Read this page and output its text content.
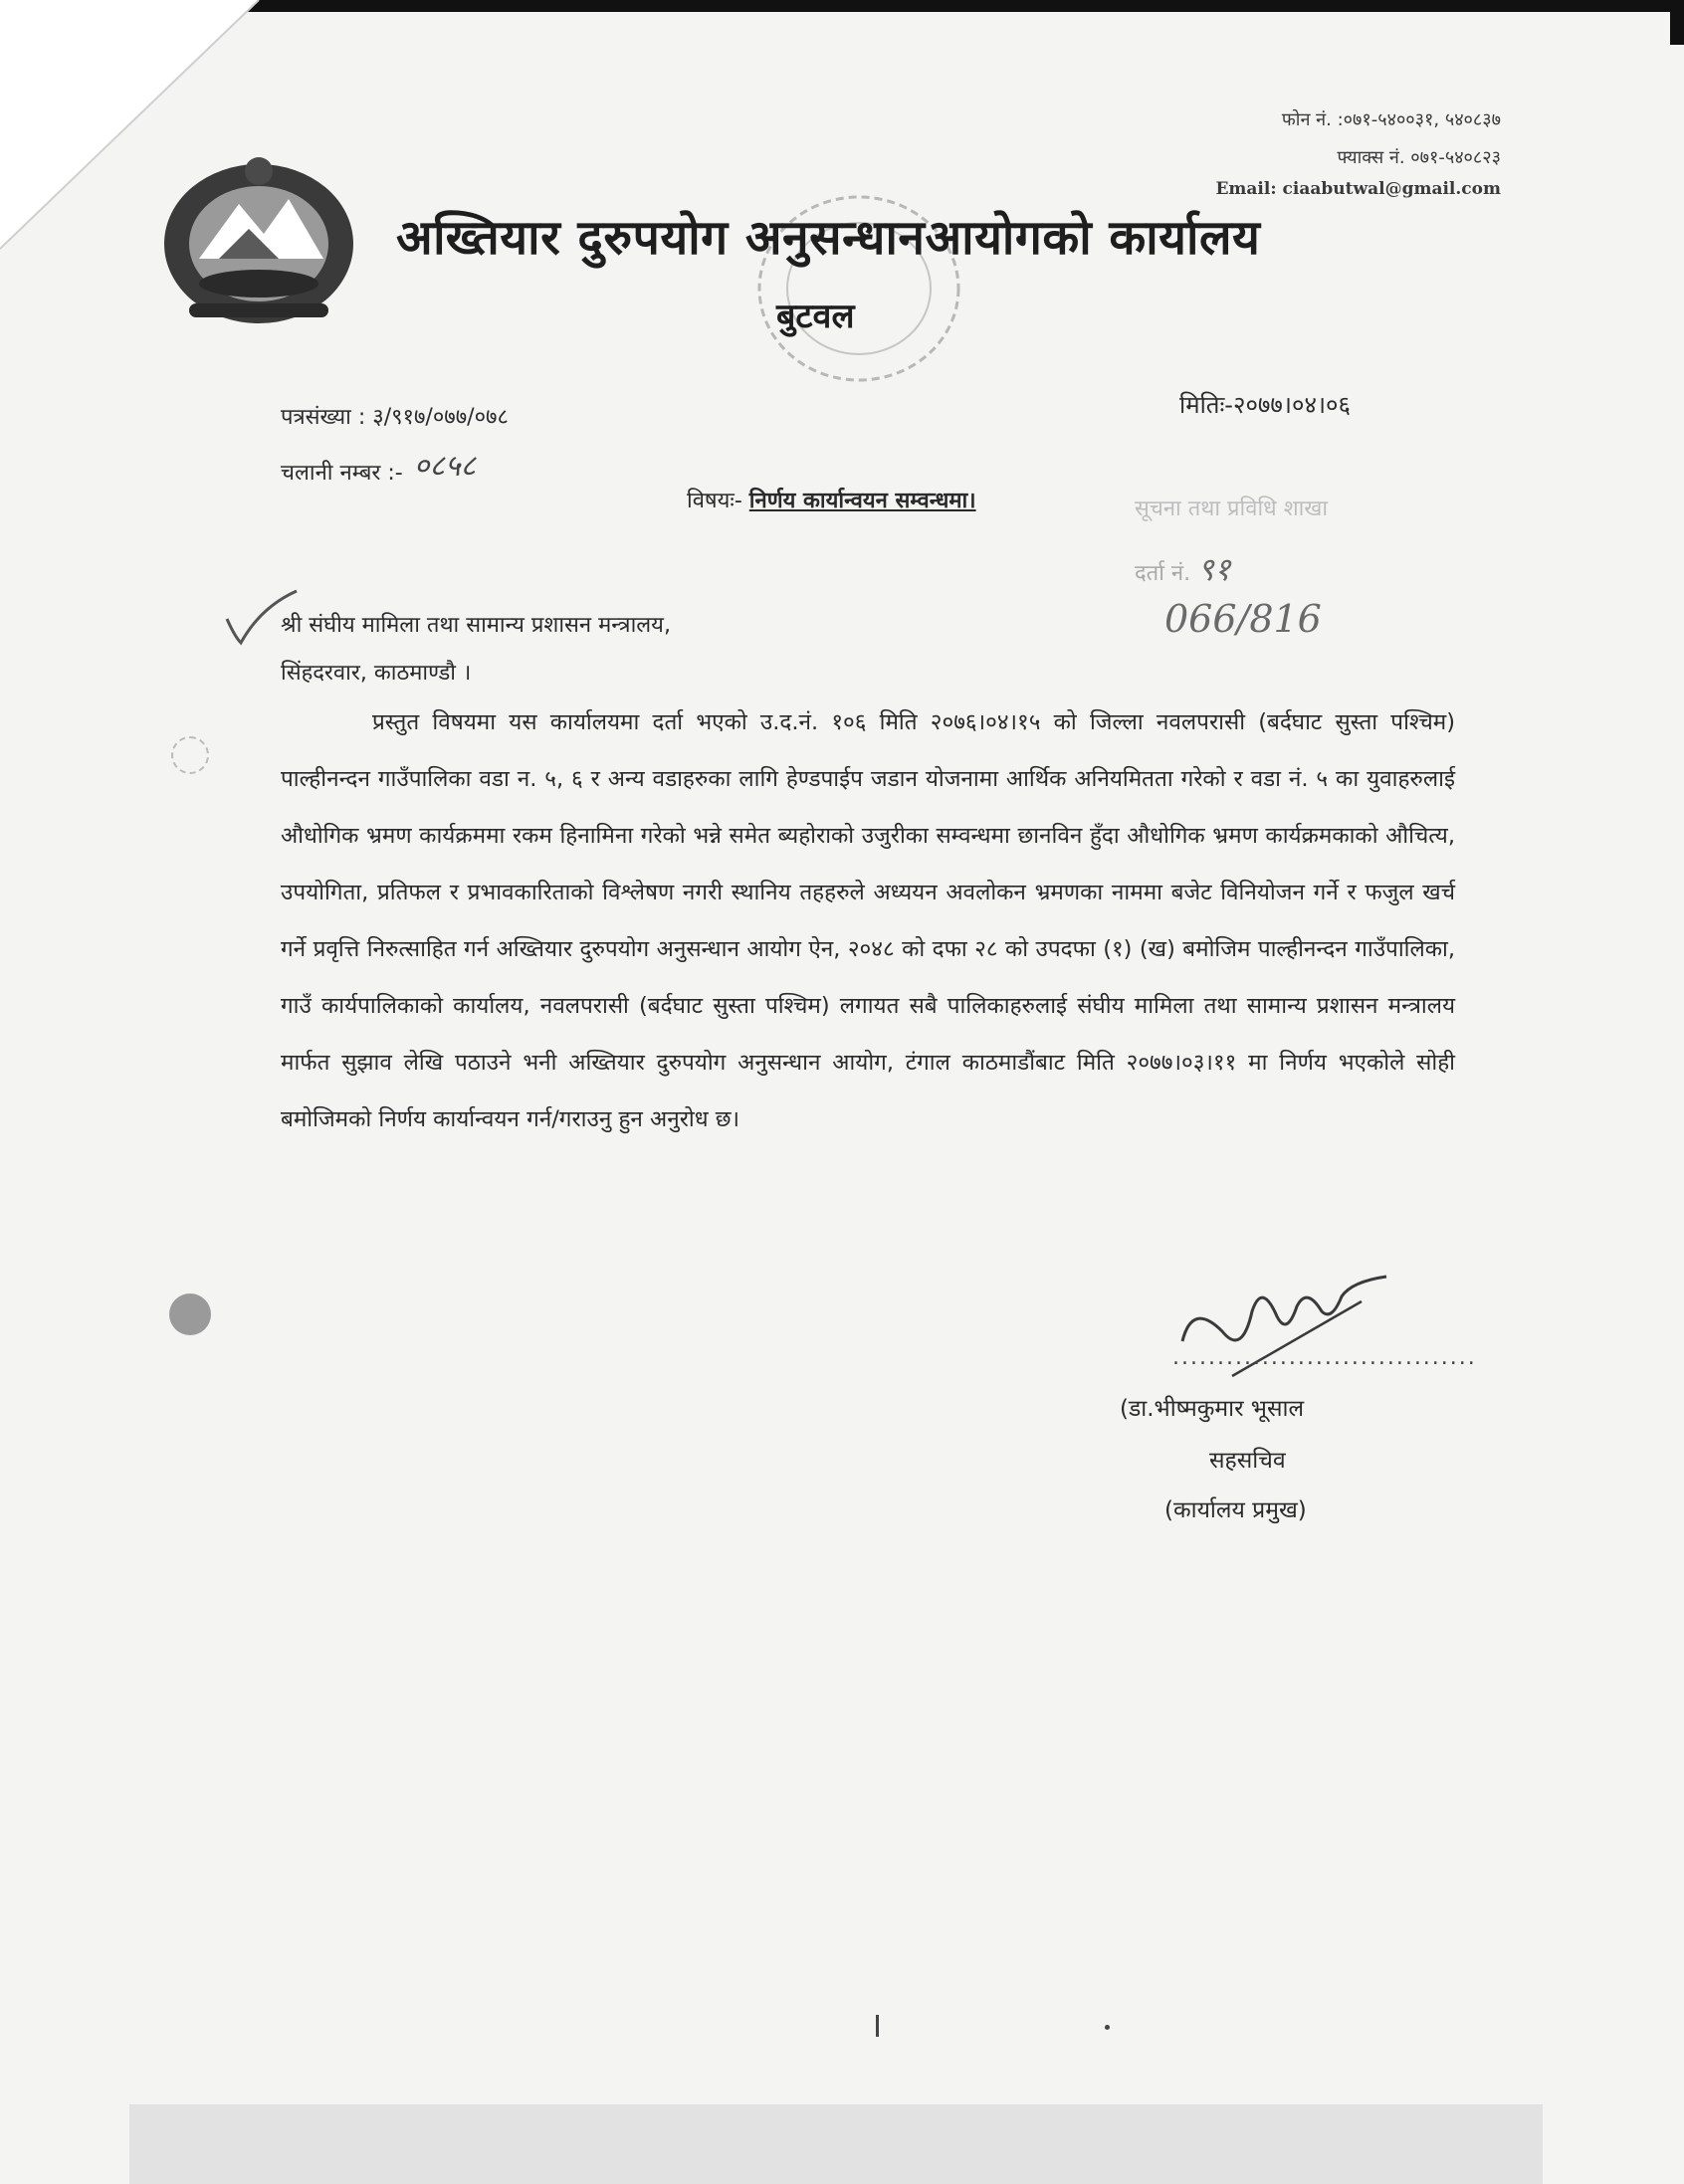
फोन नं. :०७१-५४००३१, ५४०८३७
फ्याक्स नं. ०७१-५४०८२३
Email: ciaabutwal@gmail.com
अख्तियार दुरुपयोग अनुसन्धानआयोगको कार्यालय
बुटवल
पत्रसंख्या : ३/९१७/०७७/०७८
चलानी नम्बर :- ०८५८
मितिः-२०७७।०४।०६
विषयः- निर्णय कार्यान्वयन सम्वन्धमा।	सूचना तथा प्रविधि शाखा
दर्ता नं. ९१
066/816
श्री संघीय मामिला तथा सामान्य प्रशासन मन्त्रालय,
सिंहदरवार, काठमाण्डौ ।

प्रस्तुत विषयमा यस कार्यालयमा दर्ता भएको उ.द.नं. १०६ मिति २०७६।०४।१५ को जिल्ला नवलपरासी (बर्दघाट सुस्ता पश्चिम) पाल्हीनन्दन गाउँपालिका वडा न. ५, ६ र अन्य वडाहरुका लागि हेण्डपाईप जडान योजनामा आर्थिक अनियमितता गरेको र वडा नं. ५ का युवाहरुलाई औधोगिक भ्रमण कार्यक्रममा रकम हिनामिना गरेको भन्ने समेत ब्यहोराको उजुरीका सम्वन्धमा छानविन हुँदा औधोगिक भ्रमण कार्यक्रमकाको औचित्य, उपयोगिता, प्रतिफल र प्रभावकारिताको विश्लेषण नगरी स्थानिय तहहरुले अध्ययन अवलोकन भ्रमणका नाममा बजेट विनियोजन गर्ने र फजुल खर्च गर्ने प्रवृत्ति निरुत्साहित गर्न अख्तियार दुरुपयोग अनुसन्धान आयोग ऐन, २०४८ को दफा २८ को उपदफा (१) (ख) बमोजिम पाल्हीनन्दन गाउँपालिका, गाउँ कार्यपालिकाको कार्यालय, नवलपरासी (बर्दघाट सुस्ता पश्चिम) लगायत सबै पालिकाहरुलाई संघीय मामिला तथा सामान्य प्रशासन मन्त्रालय मार्फत सुझाव लेखि पठाउने भनी अख्तियार दुरुपयोग अनुसन्धान आयोग, टंगाल काठमाडौंबाट मिति २०७७।०३।११ मा निर्णय भएकोले सोही बमोजिमको निर्णय कार्यान्वयन गर्न/गराउनु हुन अनुरोध छ।

..................................
(डा.भीष्मकुमार भूसाल
सहसचिव
(कार्यालय प्रमुख)
